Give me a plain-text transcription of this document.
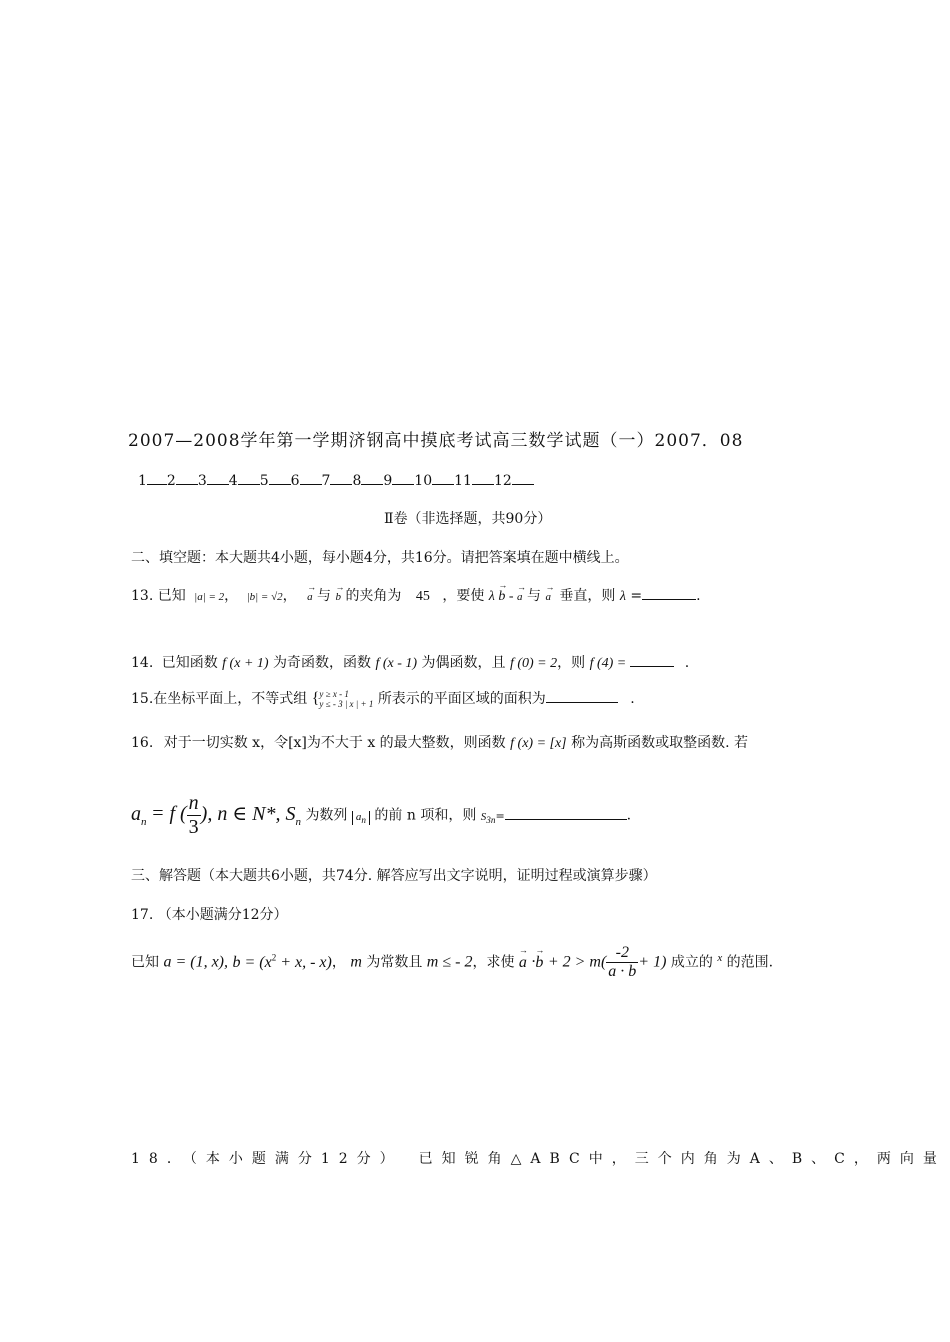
2007—2008学年第一学期济钢高中摸底考试高三数学试题（一）2007．08
1 2 3 4 5 6 7 8 9 10 11 12
Ⅱ卷（非选择题，共90分）
二、填空题：本大题共4小题，每小题4分，共16分。请把答案填在题中横线上。
13. 已知 |a| = 2， |b| = √2， → a 与 → b 的夹角为 45 ，要使 λ → b - → a 与 → a 垂直，则 λ =	.
14. 已知函数 f (x + 1) 为奇函数，函数 f (x - 1) 为偶函数，且 f (0) = 2，则 f (4) =	.
15.在坐标平面上，不等式组 { y ≥ x - 1
y ≤ - 3 | x | + 1 所表示的平面区域的面积为	.
16. 对于一切实数 x，令[x]为不大于 x 的最大整数，则函数 f (x) = [x] 称为高斯函数或取整函数. 若
$a_n = f$ ( $\frac{n}{3}$ ), n ∈ N*, $S_n$ 为数列 $a_n$ 的前 n 项和，则 $S_{3n}=$	.
三、解答题（本大题共6小题，共74分. 解答应写出文字说明，证明过程或演算步骤）
17. （本小题满分12分）
已知 a = (1, x), $b = (x^2 + x$, - x)， m 为常数且 m ≤ - 2，求使 → $a \cdot\to b + 2 > m( \frac{-2}{a \cdot b} + 1)$ 成立的 $^x$ 的范围.
18．（本小题满分12分）　已知锐角△ABC中，三个内角为A、B、C，两向量
